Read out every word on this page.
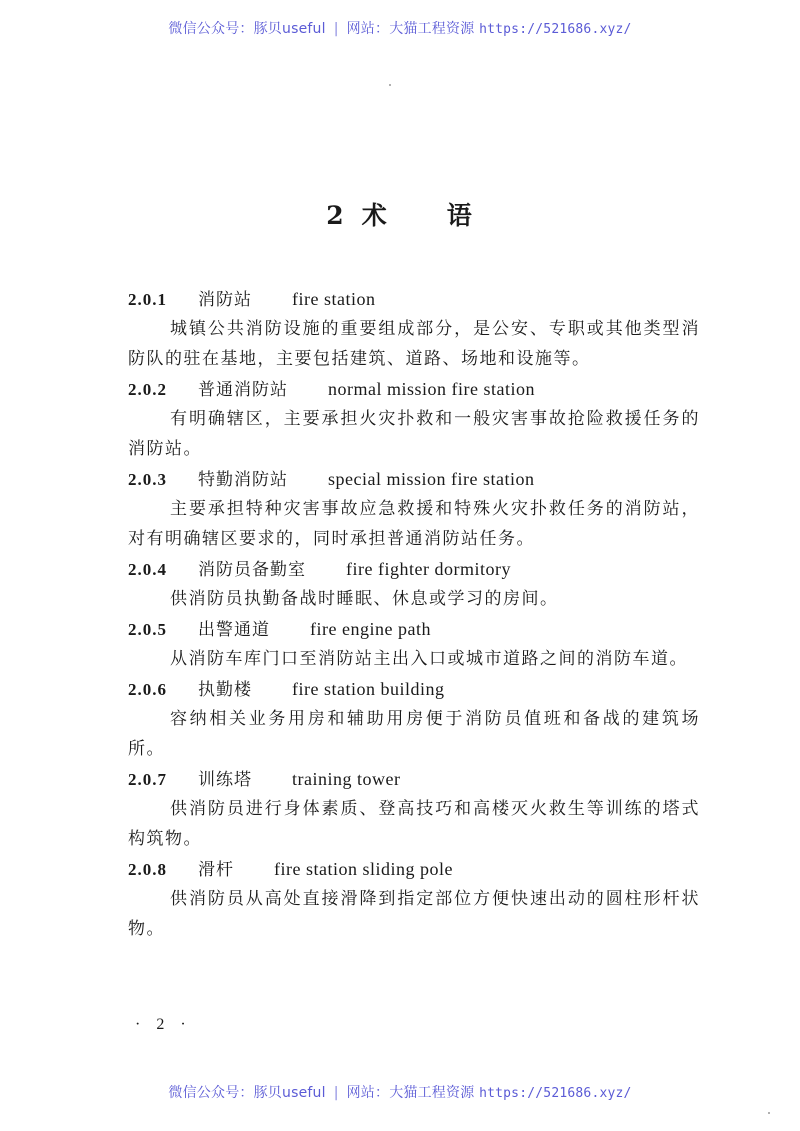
微信公众号：豚贝useful | 网站：大猫工程资源 https://521686.xyz/
2 术 语
2.0.1 消防站 fire station
城镇公共消防设施的重要组成部分，是公安、专职或其他类型消防队的驻在基地，主要包括建筑、道路、场地和设施等。
2.0.2 普通消防站 normal mission fire station
有明确辖区，主要承担火灾扑救和一般灾害事故抢险救援任务的消防站。
2.0.3 特勤消防站 special mission fire station
主要承担特种灾害事故应急救援和特殊火灾扑救任务的消防站，对有明确辖区要求的，同时承担普通消防站任务。
2.0.4 消防员备勤室 fire fighter dormitory
供消防员执勤备战时睡眠、休息或学习的房间。
2.0.5 出警通道 fire engine path
从消防车库门口至消防站主出入口或城市道路之间的消防车道。
2.0.6 执勤楼 fire station building
容纳相关业务用房和辅助用房便于消防员值班和备战的建筑场所。
2.0.7 训练塔 training tower
供消防员进行身体素质、登高技巧和高楼灭火救生等训练的塔式构筑物。
2.0.8 滑杆 fire station sliding pole
供消防员从高处直接滑降到指定部位方便快速出动的圆柱形杆状物。
· 2 ·
微信公众号：豚贝useful | 网站：大猫工程资源 https://521686.xyz/
